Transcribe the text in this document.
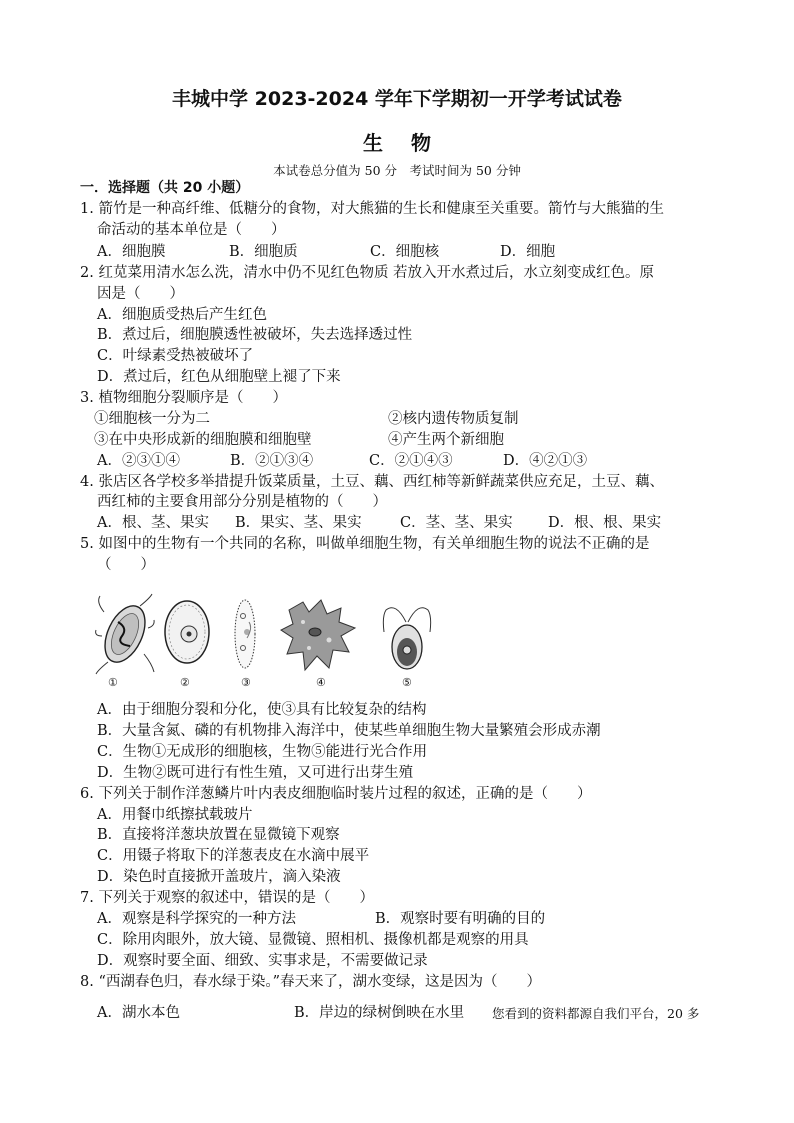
丰城中学 2023-2024 学年下学期初一开学考试试卷
生物
本试卷总分值为 50 分　考试时间为 50 分钟
一．选择题（共 20 小题）
1. 箭竹是一种高纤维、低糖分的食物，对大熊猫的生长和健康至关重要。箭竹与大熊猫的生
命活动的基本单位是（　　）
A．细胞膜	B．细胞质	C．细胞核	D．细胞
2. 红苋菜用清水怎么洗，清水中仍不见红色物质 若放入开水煮过后，水立刻变成红色。原
因是（　　）
A．细胞质受热后产生红色
B．煮过后，细胞膜透性被破坏，失去选择透过性
C．叶绿素受热被破坏了
D．煮过后，红色从细胞壁上褪了下来
3. 植物细胞分裂顺序是（　　）
①细胞核一分为二	②核内遗传物质复制
③在中央形成新的细胞膜和细胞壁	④产生两个新细胞
A．②③①④	B．②①③④	C．②①④③	D．④②①③
4. 张店区各学校多举措提升饭菜质量，土豆、藕、西红柿等新鲜蔬菜供应充足，土豆、藕、
西红柿的主要食用部分分别是植物的（　　）
A．根、茎、果实 B．果实、茎、果实	C．茎、茎、果实 D．根、根、果实
5. 如图中的生物有一个共同的名称，叫做单细胞生物，有关单细胞生物的说法不正确的是
（　　）
①	②	③	④	⑤
A．由于细胞分裂和分化，使③具有比较复杂的结构
B．大量含氮、磷的有机物排入海洋中，使某些单细胞生物大量繁殖会形成赤潮
C．生物①无成形的细胞核，生物⑤能进行光合作用
D．生物②既可进行有性生殖，又可进行出芽生殖
6. 下列关于制作洋葱鳞片叶内表皮细胞临时装片过程的叙述，正确的是（　　）
A．用餐巾纸擦拭载玻片
B．直接将洋葱块放置在显微镜下观察
C．用镊子将取下的洋葱表皮在水滴中展平
D．染色时直接掀开盖玻片，滴入染液
7. 下列关于观察的叙述中，错误的是（　　）
A．观察是科学探究的一种方法	B．观察时要有明确的目的
C．除用肉眼外，放大镜、显微镜、照相机、摄像机都是观察的用具
D．观察时要全面、细致、实事求是，不需要做记录
8. “西湖春色归，春水绿于染。”春天来了，湖水变绿，这是因为（　　）
A．湖水本色	B．岸边的绿树倒映在水里 您看到的资料都源自我们平台，20 多
